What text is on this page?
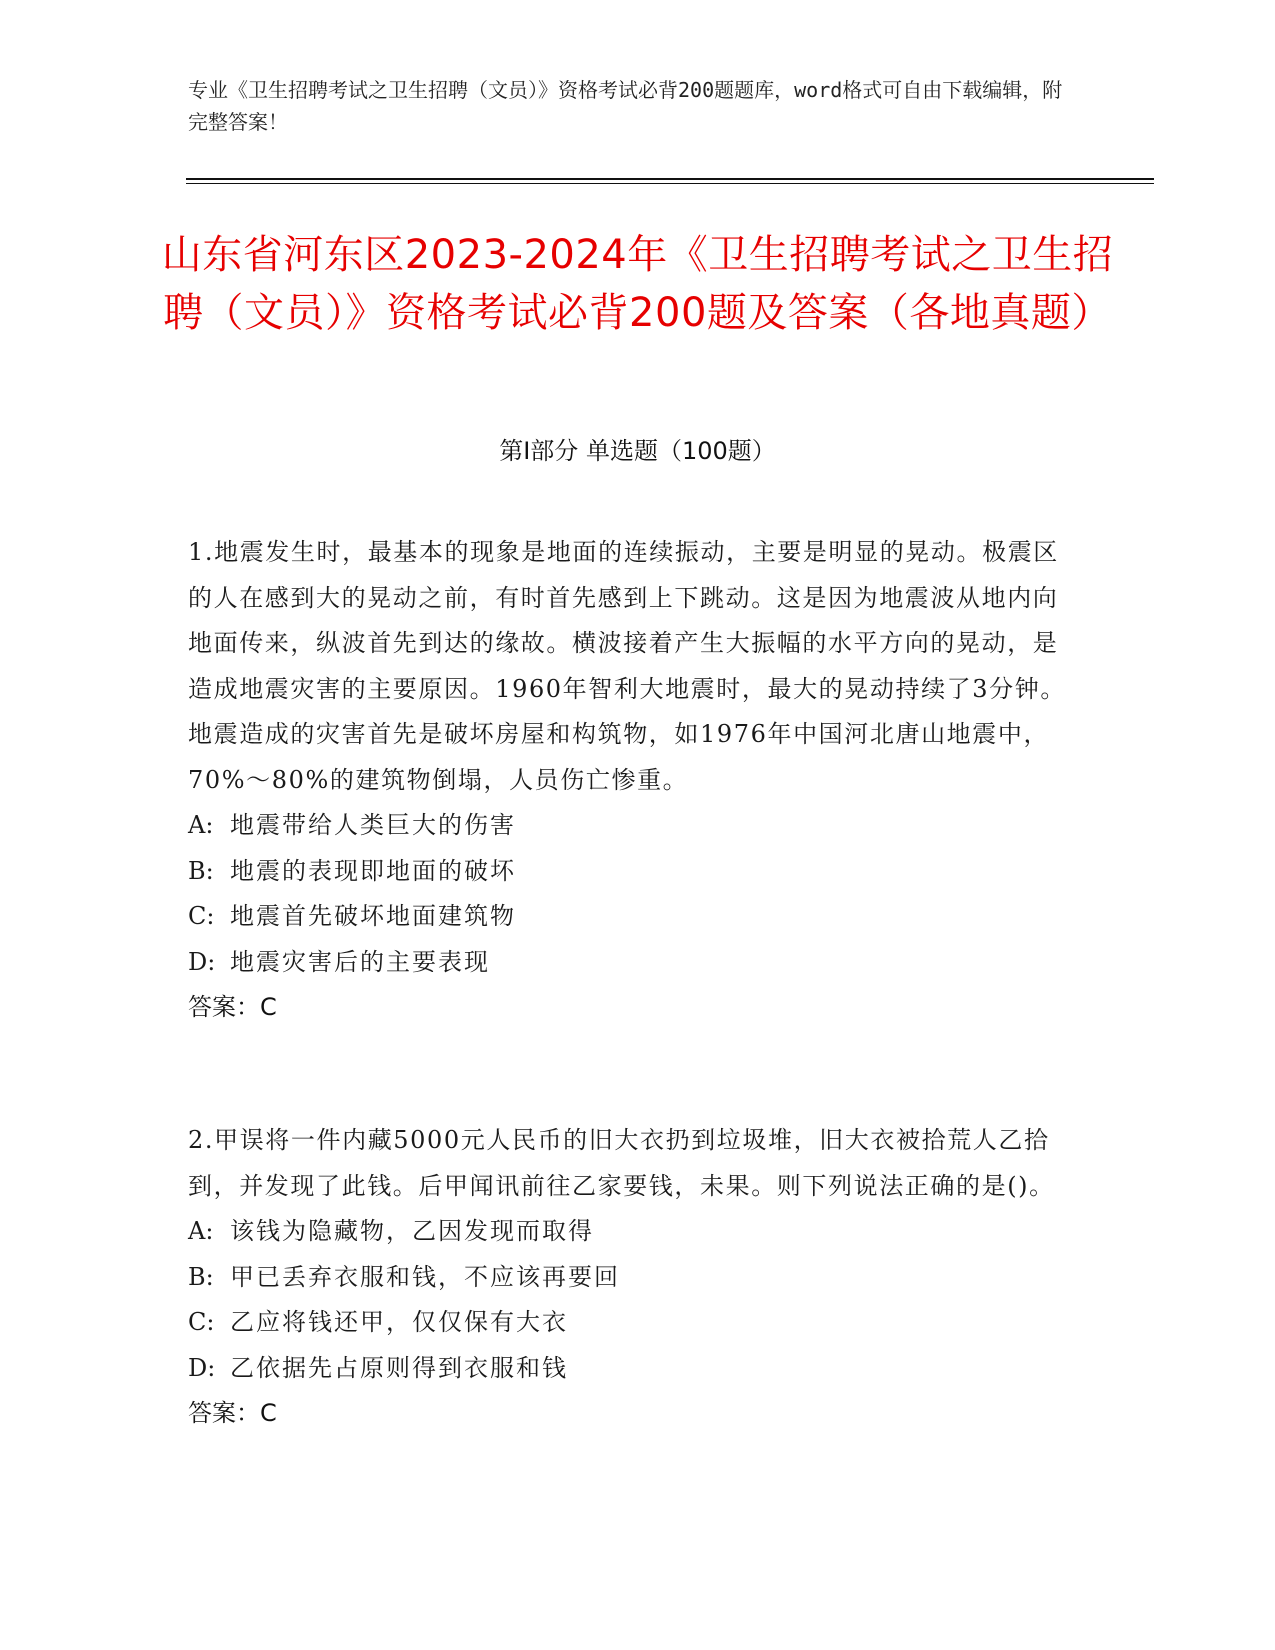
专业《卫生招聘考试之卫生招聘（文员）》资格考试必背200题题库，word格式可自由下载编辑，附完整答案！
山东省河东区2023-2024年《卫生招聘考试之卫生招聘（文员）》资格考试必背200题及答案（各地真题）
第I部分 单选题（100题）

1.地震发生时，最基本的现象是地面的连续振动，主要是明显的晃动。极震区的人在感到大的晃动之前，有时首先感到上下跳动。这是因为地震波从地内向地面传来，纵波首先到达的缘故。横波接着产生大振幅的水平方向的晃动，是造成地震灾害的主要原因。1960年智利大地震时，最大的晃动持续了3分钟。地震造成的灾害首先是破坏房屋和构筑物，如1976年中国河北唐山地震中，70%～80%的建筑物倒塌，人员伤亡惨重。

A: 地震带给人类巨大的伤害
B: 地震的表现即地面的破坏
C: 地震首先破坏地面建筑物
D: 地震灾害后的主要表现
答案：C

2.甲误将一件内藏5000元人民币的旧大衣扔到垃圾堆，旧大衣被拾荒人乙拾到，并发现了此钱。后甲闻讯前往乙家要钱，未果。则下列说法正确的是()。

A: 该钱为隐藏物，乙因发现而取得
B: 甲已丢弃衣服和钱，不应该再要回
C: 乙应将钱还甲，仅仅保有大衣
D: 乙依据先占原则得到衣服和钱
答案：C
